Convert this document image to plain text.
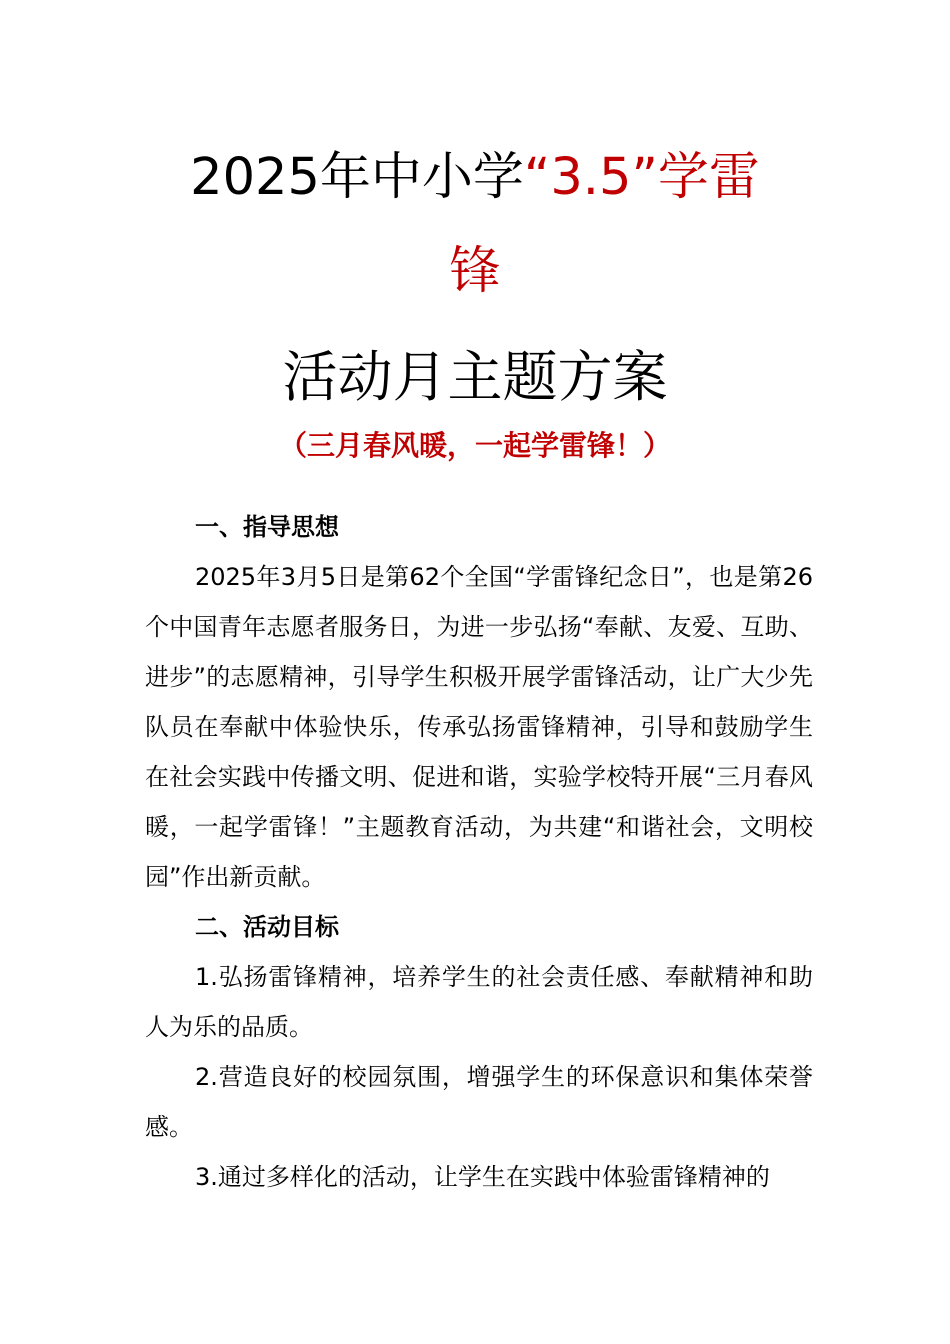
2025年中小学“3.5”学雷
锋
活动月主题方案
（三月春风暖，一起学雷锋！）
一、指导思想

2025年3月5日是第62个全国“学雷锋纪念日”，也是第26个中国青年志愿者服务日，为进一步弘扬“奉献、友爱、互助、进步”的志愿精神，引导学生积极开展学雷锋活动，让广大少先队员在奉献中体验快乐，传承弘扬雷锋精神，引导和鼓励学生在社会实践中传播文明、促进和谐，实验学校特开展“三月春风暖，一起学雷锋！”主题教育活动，为共建“和谐社会，文明校园”作出新贡献。

二、活动目标

1.弘扬雷锋精神，培养学生的社会责任感、奉献精神和助人为乐的品质。

2.营造良好的校园氛围，增强学生的环保意识和集体荣誉感。

3.通过多样化的活动，让学生在实践中体验雷锋精神的
